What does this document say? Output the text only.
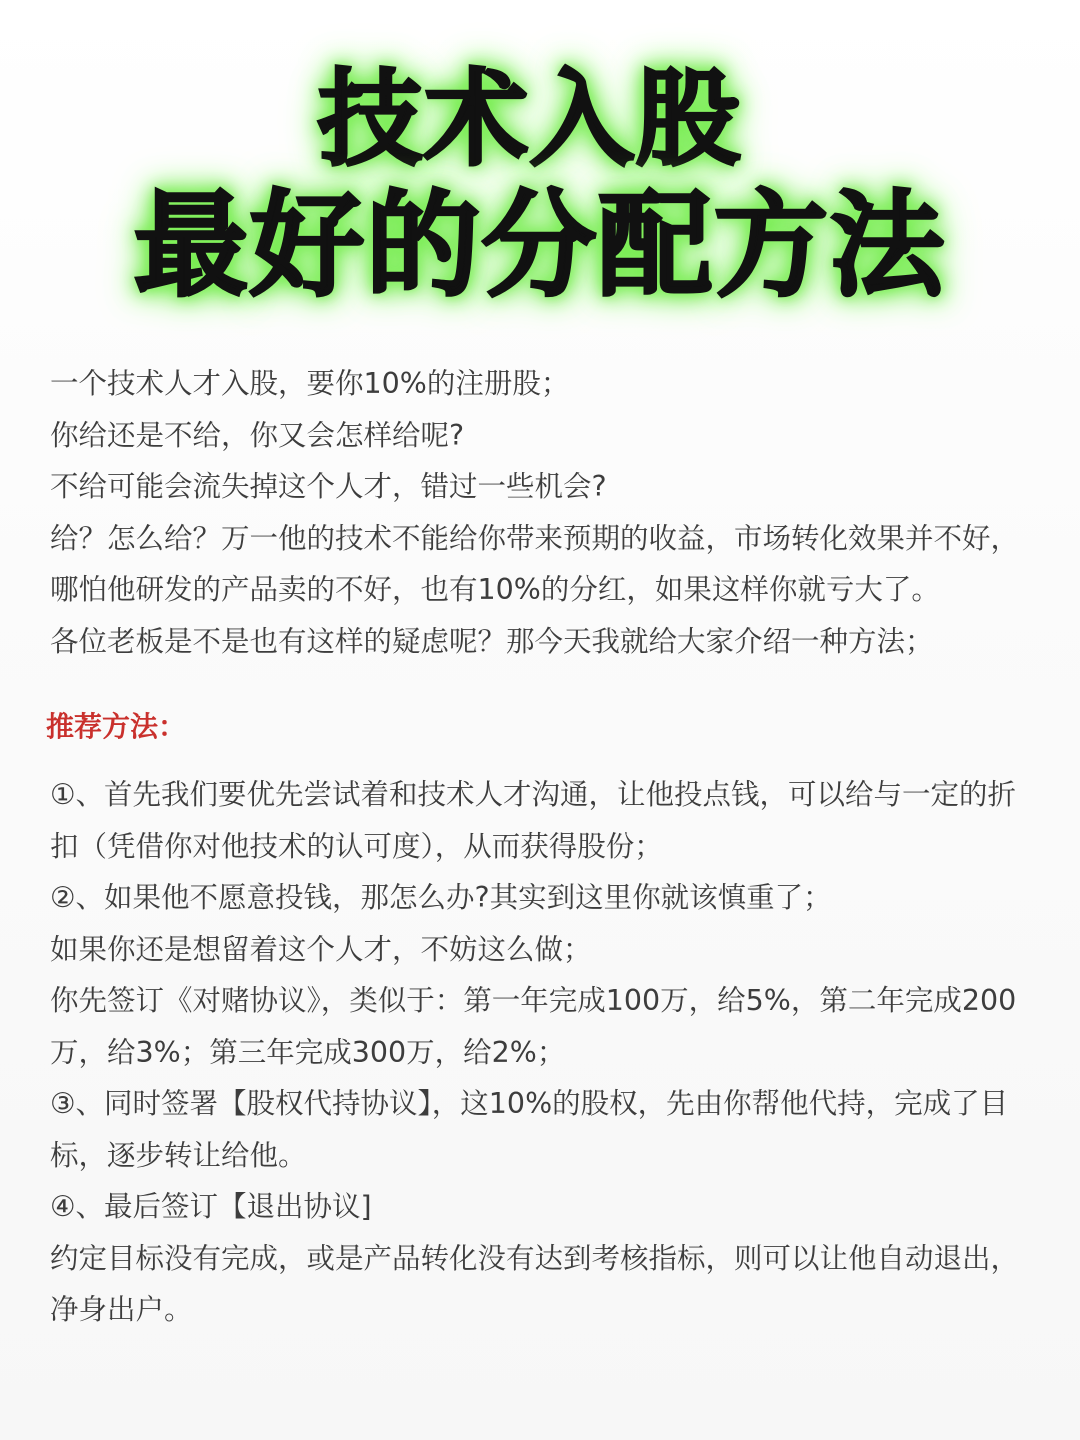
技术入股
最好的分配方法

一个技术人才入股，要你10%的注册股；

你给还是不给，你又会怎样给呢?

不给可能会流失掉这个人才，错过一些机会?

给？怎么给？万一他的技术不能给你带来预期的收益，市场转化效果并不好，哪怕他研发的产品卖的不好，也有10%的分红，如果这样你就亏大了。

各位老板是不是也有这样的疑虑呢？那今天我就给大家介绍一种方法；

推荐方法：

①、首先我们要优先尝试着和技术人才沟通，让他投点钱，可以给与一定的折扣（凭借你对他技术的认可度），从而获得股份；

②、如果他不愿意投钱，那怎么办?其实到这里你就该慎重了；

如果你还是想留着这个人才，不妨这么做；

你先签订《对赌协议》，类似于：第一年完成100万，给5%，第二年完成200万，给3%；第三年完成300万，给2%；

③、同时签署【股权代持协议】，这10%的股权，先由你帮他代持，完成了目标，逐步转让给他。

④、最后签订【退出协议]

约定目标没有完成，或是产品转化没有达到考核指标，则可以让他自动退出，净身出户。
